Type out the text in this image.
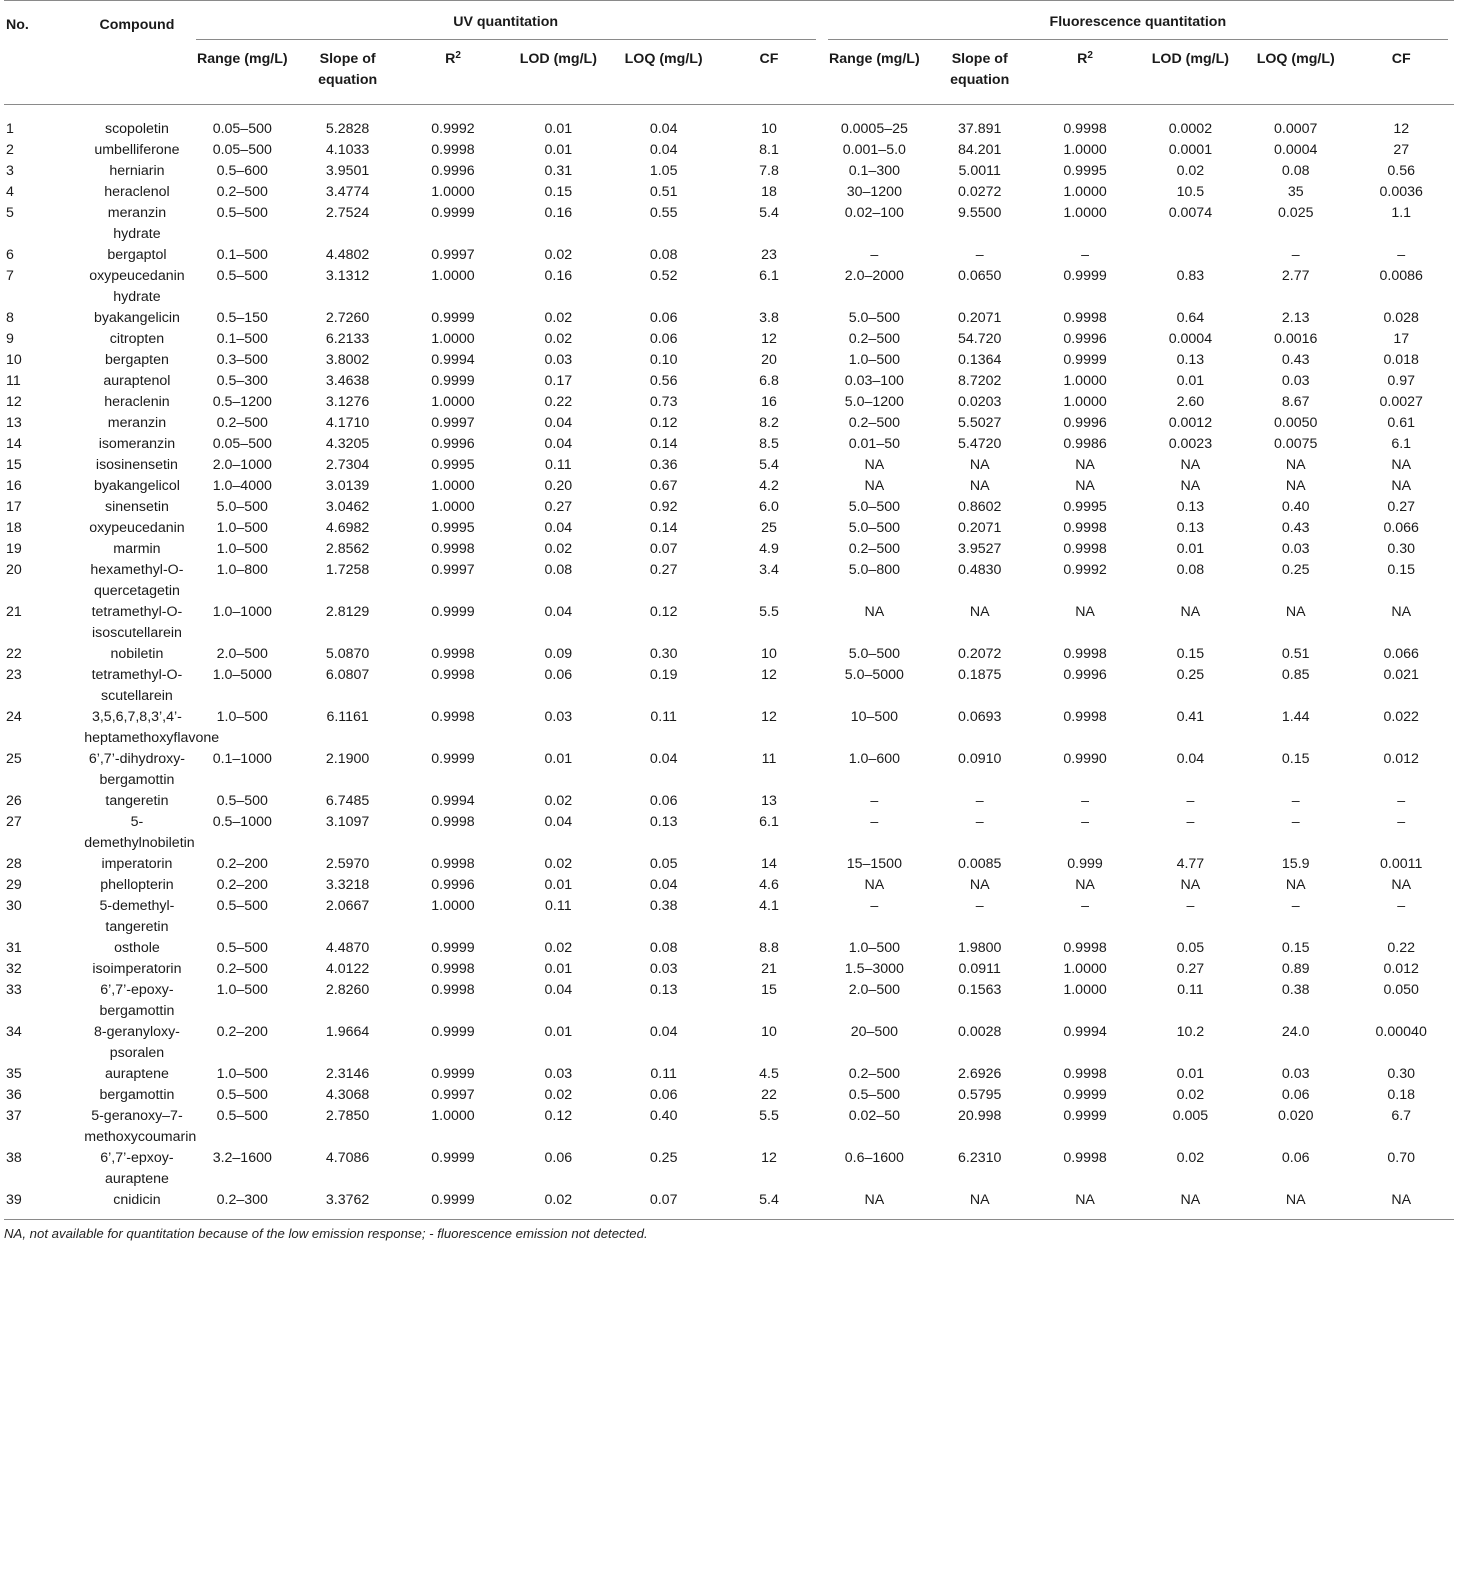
No.	Compound	UV quantitation						Fluorescence quantitation					
		Range (mg/L)	Slope of equation	$R^2$	LOD (mg/L)	LOQ (mg/L)	CF	Range (mg/L)	Slope of equation	$R^2$	LOD (mg/L)	LOQ (mg/L)	CF
1	scopoletin	0.05–500	5.2828	0.9992	0.01	0.04	10	0.0005–25	37.891	0.9998	0.0002	0.0007	12
2	umbelliferone	0.05–500	4.1033	0.9998	0.01	0.04	8.1	0.001–5.0	84.201	1.0000	0.0001	0.0004	27
3	herniarin	0.5–600	3.9501	0.9996	0.31	1.05	7.8	0.1–300	5.0011	0.9995	0.02	0.08	0.56
4	heraclenol	0.2–500	3.4774	1.0000	0.15	0.51	18	30–1200	0.0272	1.0000	10.5	35	0.0036
5	meranzin hydrate	0.5–500	2.7524	0.9999	0.16	0.55	5.4	0.02–100	9.5500	1.0000	0.0074	0.025	1.1
6	bergaptol	0.1–500	4.4802	0.9997	0.02	0.08	23	–	–	–		–	–
7	oxypeucedanin hydrate	0.5–500	3.1312	1.0000	0.16	0.52	6.1	2.0–2000	0.0650	0.9999	0.83	2.77	0.0086
8	byakangelicin	0.5–150	2.7260	0.9999	0.02	0.06	3.8	5.0–500	0.2071	0.9998	0.64	2.13	0.028
9	citropten	0.1–500	6.2133	1.0000	0.02	0.06	12	0.2–500	54.720	0.9996	0.0004	0.0016	17
10	bergapten	0.3–500	3.8002	0.9994	0.03	0.10	20	1.0–500	0.1364	0.9999	0.13	0.43	0.018
11	auraptenol	0.5–300	3.4638	0.9999	0.17	0.56	6.8	0.03–100	8.7202	1.0000	0.01	0.03	0.97
12	heraclenin	0.5–1200	3.1276	1.0000	0.22	0.73	16	5.0–1200	0.0203	1.0000	2.60	8.67	0.0027
13	meranzin	0.2–500	4.1710	0.9997	0.04	0.12	8.2	0.2–500	5.5027	0.9996	0.0012	0.0050	0.61
14	isomeranzin	0.05–500	4.3205	0.9996	0.04	0.14	8.5	0.01–50	5.4720	0.9986	0.0023	0.0075	6.1
15	isosinensetin	2.0–1000	2.7304	0.9995	0.11	0.36	5.4	NA	NA	NA	NA	NA	NA
16	byakangelicol	1.0–4000	3.0139	1.0000	0.20	0.67	4.2	NA	NA	NA	NA	NA	NA
17	sinensetin	5.0–500	3.0462	1.0000	0.27	0.92	6.0	5.0–500	0.8602	0.9995	0.13	0.40	0.27
18	oxypeucedanin	1.0–500	4.6982	0.9995	0.04	0.14	25	5.0–500	0.2071	0.9998	0.13	0.43	0.066
19	marmin	1.0–500	2.8562	0.9998	0.02	0.07	4.9	0.2–500	3.9527	0.9998	0.01	0.03	0.30
20	hexamethyl-O-quercetagetin	1.0–800	1.7258	0.9997	0.08	0.27	3.4	5.0–800	0.4830	0.9992	0.08	0.25	0.15
21	tetramethyl-O-isoscutellarein	1.0–1000	2.8129	0.9999	0.04	0.12	5.5	NA	NA	NA	NA	NA	NA
22	nobiletin	2.0–500	5.0870	0.9998	0.09	0.30	10	5.0–500	0.2072	0.9998	0.15	0.51	0.066
23	tetramethyl-O-scutellarein	1.0–5000	6.0807	0.9998	0.06	0.19	12	5.0–5000	0.1875	0.9996	0.25	0.85	0.021
24	3,5,6,7,8,3’,4’-heptamethoxyflavone	1.0–500	6.1161	0.9998	0.03	0.11	12	10–500	0.0693	0.9998	0.41	1.44	0.022
25	6’,7’-dihydroxy-bergamottin	0.1–1000	2.1900	0.9999	0.01	0.04	11	1.0–600	0.0910	0.9990	0.04	0.15	0.012
26	tangeretin	0.5–500	6.7485	0.9994	0.02	0.06	13	–	–	–	–	–	–
27	5-demethylnobiletin	0.5–1000	3.1097	0.9998	0.04	0.13	6.1	–	–	–	–	–	–
28	imperatorin	0.2–200	2.5970	0.9998	0.02	0.05	14	15–1500	0.0085	0.999	4.77	15.9	0.0011
29	phellopterin	0.2–200	3.3218	0.9996	0.01	0.04	4.6	NA	NA	NA	NA	NA	NA
30	5-demethyl-tangeretin	0.5–500	2.0667	1.0000	0.11	0.38	4.1	–	–	–	–	–	–
31	osthole	0.5–500	4.4870	0.9999	0.02	0.08	8.8	1.0–500	1.9800	0.9998	0.05	0.15	0.22
32	isoimperatorin	0.2–500	4.0122	0.9998	0.01	0.03	21	1.5–3000	0.0911	1.0000	0.27	0.89	0.012
33	6’,7’-epoxy-bergamottin	1.0–500	2.8260	0.9998	0.04	0.13	15	2.0–500	0.1563	1.0000	0.11	0.38	0.050
34	8-geranyloxy-psoralen	0.2–200	1.9664	0.9999	0.01	0.04	10	20–500	0.0028	0.9994	10.2	24.0	0.00040
35	auraptene	1.0–500	2.3146	0.9999	0.03	0.11	4.5	0.2–500	2.6926	0.9998	0.01	0.03	0.30
36	bergamottin	0.5–500	4.3068	0.9997	0.02	0.06	22	0.5–500	0.5795	0.9999	0.02	0.06	0.18
37	5-geranoxy–7-methoxycoumarin	0.5–500	2.7850	1.0000	0.12	0.40	5.5	0.02–50	20.998	0.9999	0.005	0.020	6.7
38	6’,7’-epxoy-auraptene	3.2–1600	4.7086	0.9999	0.06	0.25	12	0.6–1600	6.2310	0.9998	0.02	0.06	0.70
39	cnidicin	0.2–300	3.3762	0.9999	0.02	0.07	5.4	NA	NA	NA	NA	NA	NA
NA, not available for quantitation because of the low emission response; - fluorescence emission not detected.
